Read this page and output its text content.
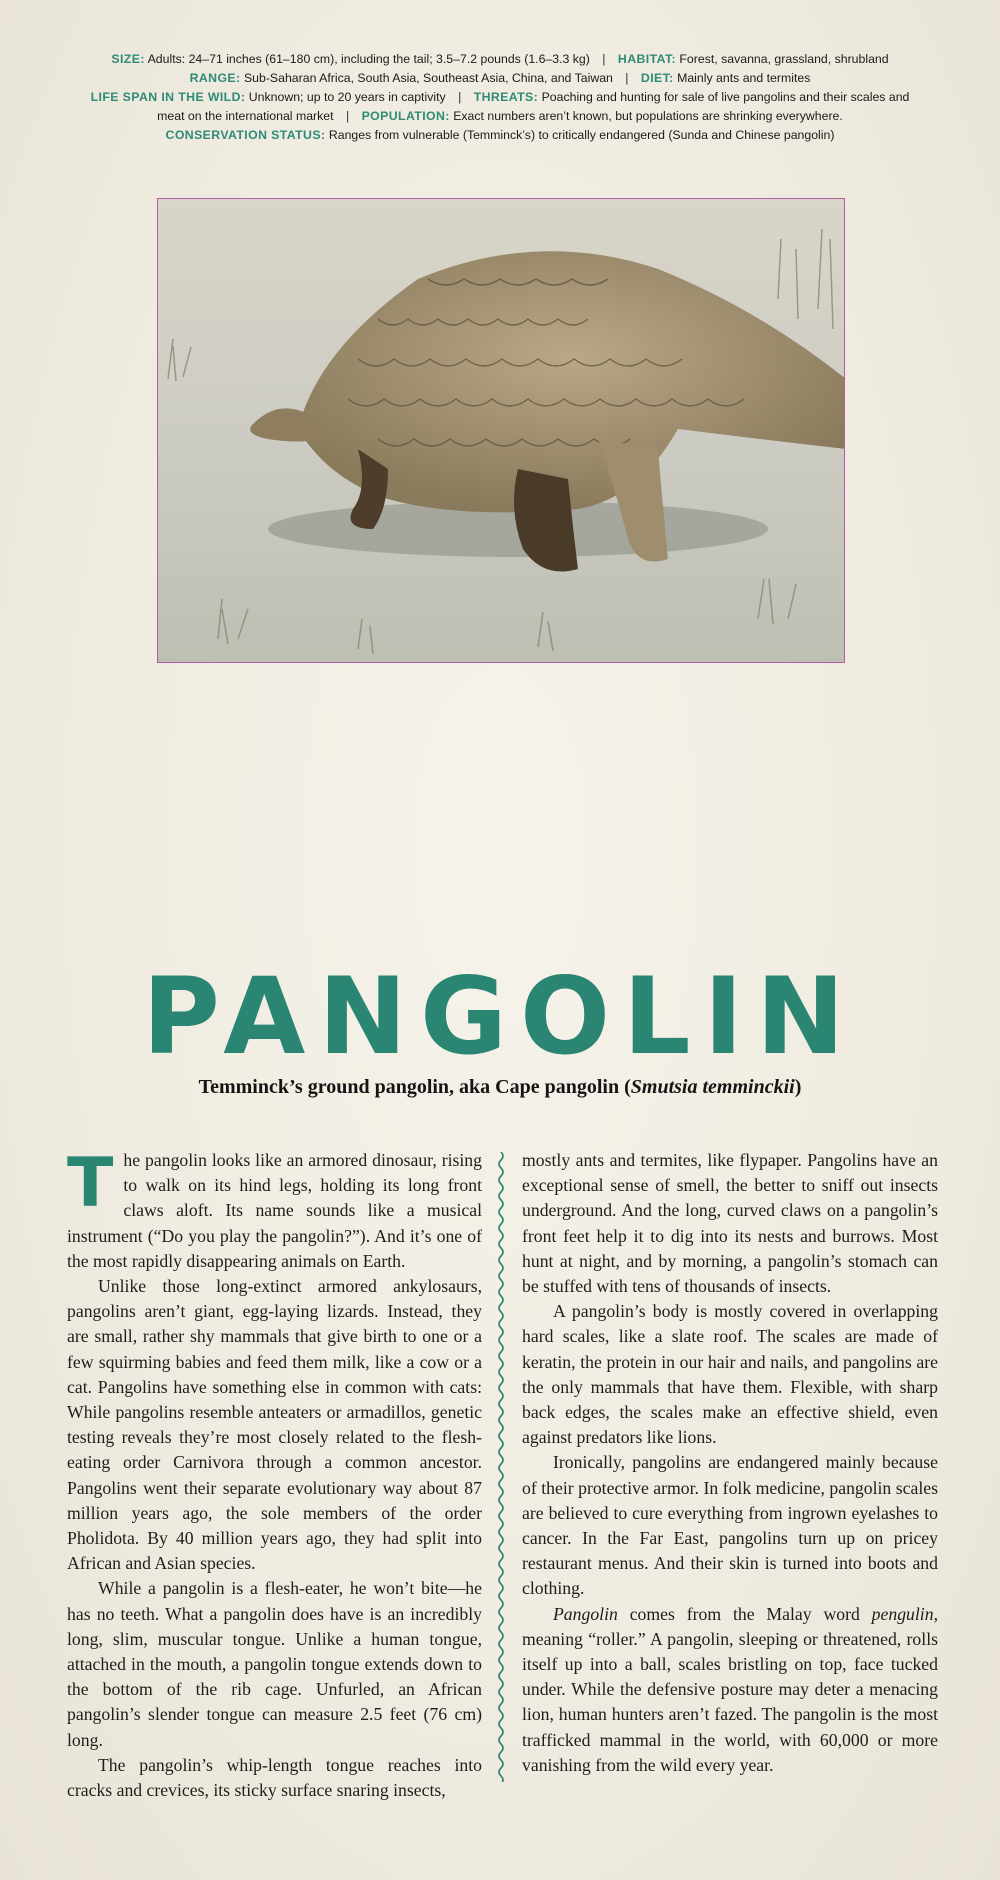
SIZE: Adults: 24–71 inches (61–180 cm), including the tail; 3.5–7.2 pounds (1.6–3.3 kg) | HABITAT: Forest, savanna, grassland, shrubland
RANGE: Sub-Saharan Africa, South Asia, Southeast Asia, China, and Taiwan | DIET: Mainly ants and termites
LIFE SPAN IN THE WILD: Unknown; up to 20 years in captivity | THREATS: Poaching and hunting for sale of live pangolins and their scales and
meat on the international market | POPULATION: Exact numbers aren’t known, but populations are shrinking everywhere.
CONSERVATION STATUS: Ranges from vulnerable (Temminck’s) to critically endangered (Sunda and Chinese pangolin)
PANGOLIN
Temminck’s ground pangolin, aka Cape pangolin (Smutsia temminckii)

The pangolin looks like an armored dinosaur, rising to walk on its hind legs, holding its long front claws aloft. Its name sounds like a musical instrument (“Do you play the pangolin?”). And it’s one of the most rapidly disappearing animals on Earth.

Unlike those long-extinct armored ankylosaurs, pangolins aren’t giant, egg-laying lizards. Instead, they are small, rather shy mammals that give birth to one or a few squirming babies and feed them milk, like a cow or a cat. Pangolins have something else in common with cats: While pangolins resemble anteaters or armadillos, genetic testing reveals they’re most closely related to the flesh-eating order Carnivora through a common ancestor. Pangolins went their separate evolutionary way about 87 million years ago, the sole members of the order Pholidota. By 40 million years ago, they had split into African and Asian species.

While a pangolin is a flesh-eater, he won’t bite—he has no teeth. What a pangolin does have is an incredibly long, slim, muscular tongue. Unlike a human tongue, attached in the mouth, a pangolin tongue extends down to the bottom of the rib cage. Unfurled, an African pangolin’s slender tongue can measure 2.5 feet (76 cm) long.

The pangolin’s whip-length tongue reaches into cracks and crevices, its sticky surface snaring insects,

mostly ants and termites, like flypaper. Pangolins have an exceptional sense of smell, the better to sniff out insects underground. And the long, curved claws on a pangolin’s front feet help it to dig into its nests and burrows. Most hunt at night, and by morning, a pangolin’s stomach can be stuffed with tens of thousands of insects.

A pangolin’s body is mostly covered in overlapping hard scales, like a slate roof. The scales are made of keratin, the protein in our hair and nails, and pangolins are the only mammals that have them. Flexible, with sharp back edges, the scales make an effective shield, even against predators like lions.

Ironically, pangolins are endangered mainly because of their protective armor. In folk medicine, pangolin scales are believed to cure everything from ingrown eyelashes to cancer. In the Far East, pangolins turn up on pricey restaurant menus. And their skin is turned into boots and clothing.

Pangolin comes from the Malay word pengulin, meaning “roller.” A pangolin, sleeping or threatened, rolls itself up into a ball, scales bristling on top, face tucked under. While the defensive posture may deter a menacing lion, human hunters aren’t fazed. The pangolin is the most trafficked mammal in the world, with 60,000 or more vanishing from the wild every year.
